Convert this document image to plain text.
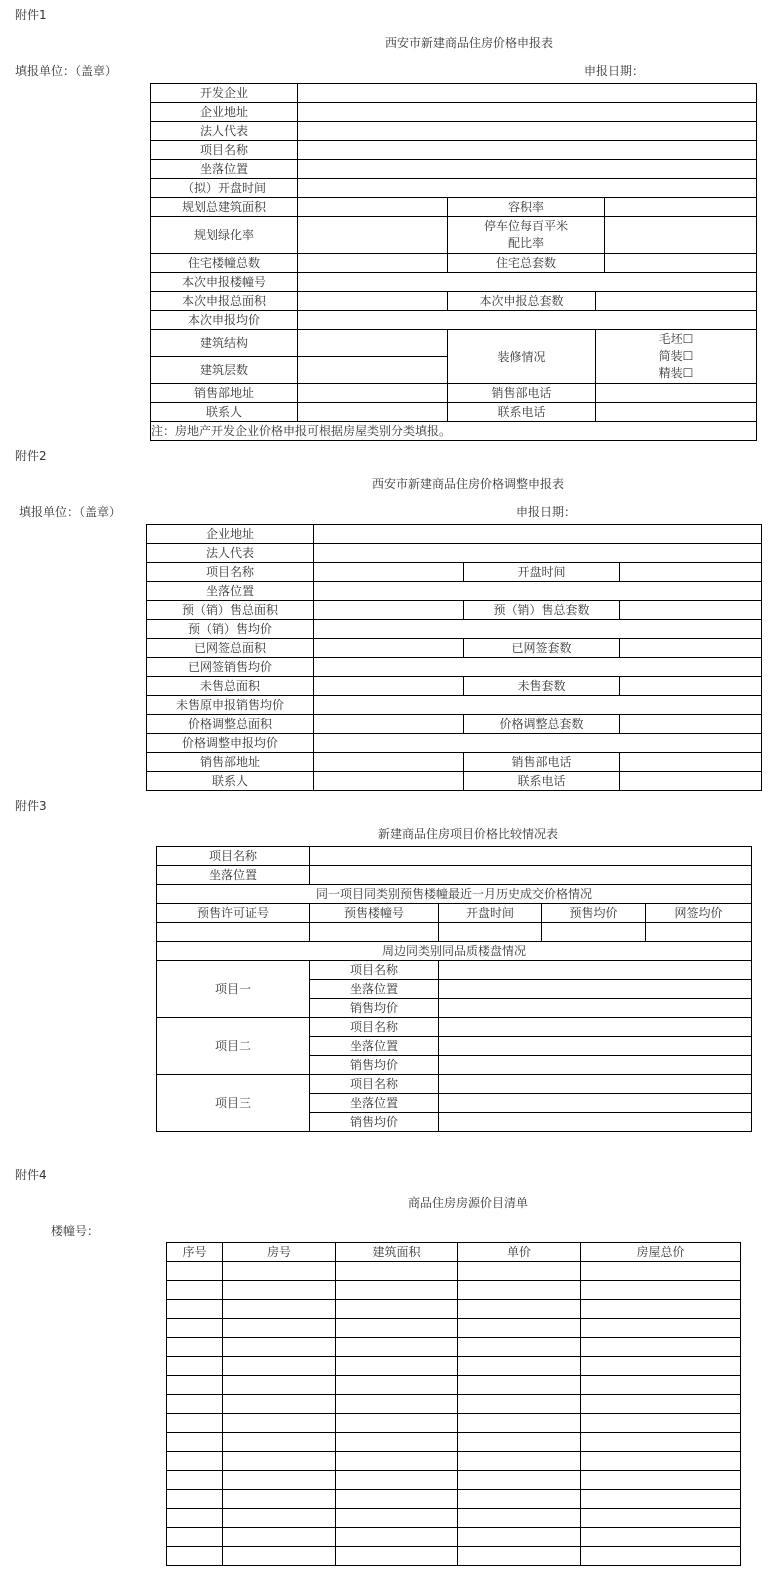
附件1
西安市新建商品住房价格申报表
填报单位：（盖章）	申报日期：
开发企业				
企业地址				
法人代表				
项目名称				
坐落位置				
（拟）开盘时间				
规划总建筑面积		容积率		
规划绿化率		停车位每百平米
配比率		

住宅楼幢总数		住宅总套数		
本次申报楼幢号				
本次申报总面积		本次申报总套数		
本次申报均价				
建筑结构		装修情况	毛坯☐
简装☐
精装☐	

建筑层数				
销售部地址		销售部电话		
联系人		联系电话		
注：房地产开发企业价格申报可根据房屋类别分类填报。				
附件2
西安市新建商品住房价格调整申报表
填报单位：（盖章）	申报日期：
企业地址			
法人代表			
项目名称		开盘时间	
坐落位置			
预（销）售总面积		预（销）售总套数	
预（销）售均价			
已网签总面积		已网签套数	
已网签销售均价			
未售总面积		未售套数	
未售原申报销售均价			
价格调整总面积		价格调整总套数	
价格调整申报均价			
销售部地址		销售部电话	
联系人		联系电话	
附件3
新建商品住房项目价格比较情况表
项目名称				
坐落位置				
同一项目同类别预售楼幢最近一月历史成交价格情况				
预售许可证号	预售楼幢号	开盘时间	预售均价	网签均价

周边同类别同品质楼盘情况				
项目一	项目名称			
	坐落位置			
	销售均价			
项目二	项目名称			
	坐落位置			
	销售均价			
项目三	项目名称			
	坐落位置			
	销售均价			
附件4
商品住房房源价目清单
楼幢号：
序号	房号	建筑面积	单价	房屋总价
